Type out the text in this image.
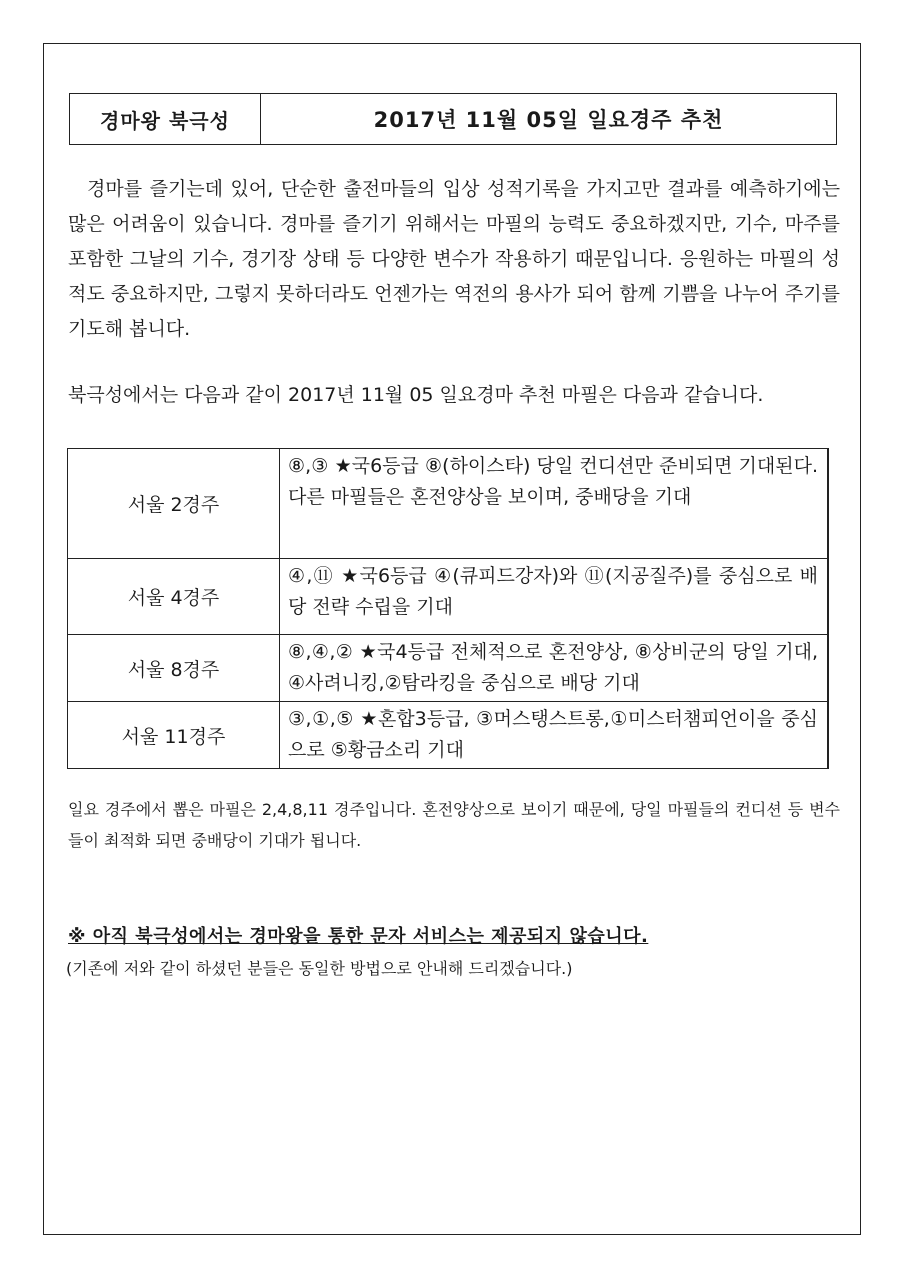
경마왕 북극성	2017년 11월 05일 일요경주 추천

경마를 즐기는데 있어, 단순한 출전마들의 입상 성적기록을 가지고만 결과를 예측하기에는 많은 어려움이 있습니다. 경마를 즐기기 위해서는 마필의 능력도 중요하겠지만, 기수, 마주를 포함한 그날의 기수, 경기장 상태 등 다양한 변수가 작용하기 때문입니다. 응원하는 마필의 성적도 중요하지만, 그렇지 못하더라도 언젠가는 역전의 용사가 되어 함께 기쁨을 나누어 주기를 기도해 봅니다.

북극성에서는 다음과 같이 2017년 11월 05 일요경마 추천 마필은 다음과 같습니다.

서울 2경주	⑧,③ ★국6등급 ⑧(하이스타) 당일 컨디션만 준비되면 기대된다. 다른 마필들은 혼전양상을 보이며, 중배당을 기대
서울 4경주	④,⑪ ★국6등급 ④(큐피드강자)와 ⑪(지공질주)를 중심으로 배당 전략 수립을 기대
서울 8경주	⑧,④,② ★국4등급 전체적으로 혼전양상, ⑧상비군의 당일 기대, ④사려니킹,②탐라킹을 중심으로 배당 기대
서울 11경주	③,①,⑤ ★혼합3등급, ③머스탱스트롱,①미스터챔피언이을 중심으로 ⑤황금소리 기대

일요 경주에서 뽑은 마필은 2,4,8,11 경주입니다. 혼전양상으로 보이기 때문에, 당일 마필들의 컨디션 등 변수들이 최적화 되면 중배당이 기대가 됩니다.

※ 아직 북극성에서는 경마왕을 통한 문자 서비스는 제공되지 않습니다.

(기존에 저와 같이 하셨던 분들은 동일한 방법으로 안내해 드리겠습니다.)
